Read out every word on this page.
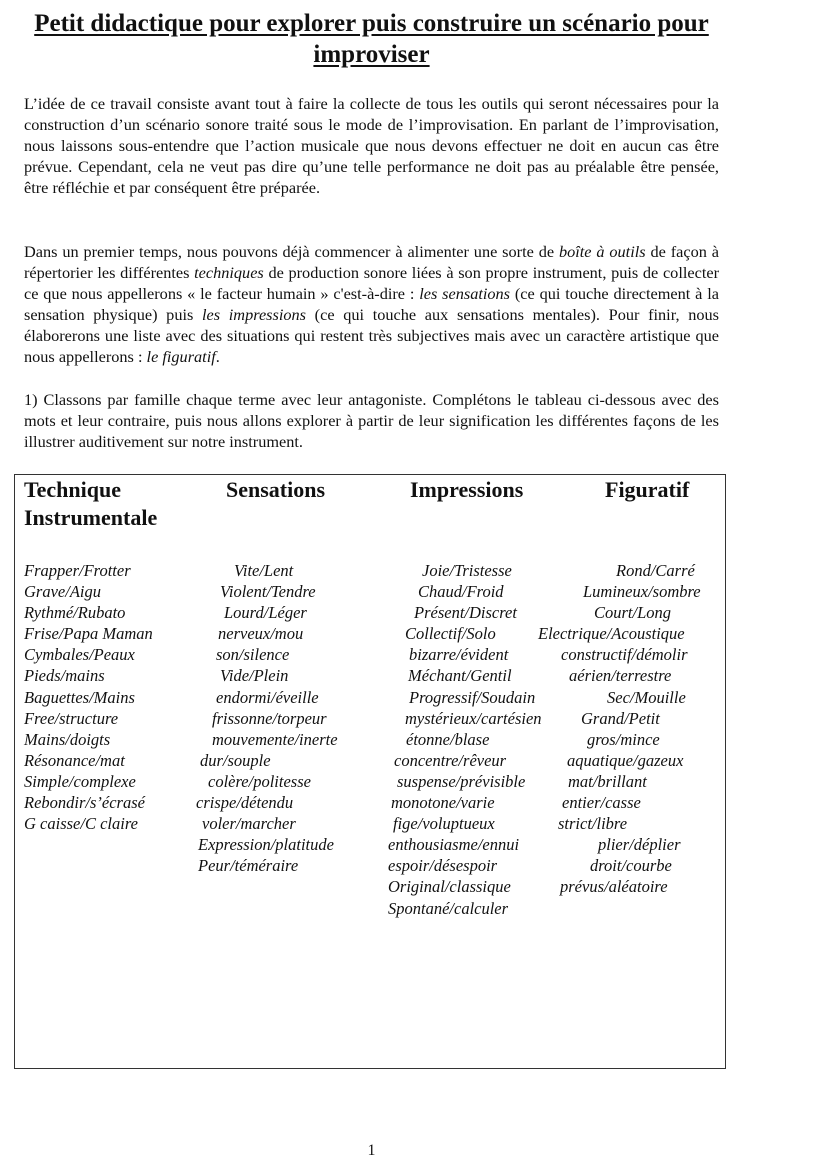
Petit didactique pour explorer puis construire un scénario pour improviser

L’idée de ce travail consiste avant tout à faire la collecte de tous les outils qui seront nécessaires pour la construction d’un scénario sonore traité sous le mode de l’improvisation. En parlant de l’improvisation, nous laissons sous-entendre que l’action musicale que nous devons effectuer ne doit en aucun cas être prévue. Cependant, cela ne veut pas dire qu’une telle performance ne doit pas au préalable être pensée, être réfléchie et par conséquent être préparée.

Dans un premier temps, nous pouvons déjà commencer à alimenter une sorte de boîte à outils de façon à répertorier les différentes techniques de production sonore liées à son propre instrument, puis de collecter ce que nous appellerons « le facteur humain » c'est-à-dire : les sensations (ce qui touche directement à la sensation physique) puis les impressions (ce qui touche aux sensations mentales). Pour finir, nous élaborerons une liste avec des situations qui restent très subjectives mais avec un caractère artistique que nous appellerons : le figuratif.

1) Classons par famille chaque terme avec leur antagoniste. Complétons le tableau ci-dessous avec des mots et leur contraire, puis nous allons explorer à partir de leur signification les différentes façons de les illustrer auditivement sur notre instrument.

Technique Instrumentale
Sensations	Impressions	Figuratif
Frapper/Frotter
Grave/Aigu
Rythmé/Rubato
Frise/Papa Maman
Cymbales/Peaux
Pieds/mains
Baguettes/Mains
Free/structure
Mains/doigts
Résonance/mat
Simple/complexe
Rebondir/s’écrasé
G caisse/C claire
Vite/Lent
Violent/Tendre
Lourd/Léger
nerveux/mou
son/silence
Vide/Plein
endormi/éveille
frissonne/torpeur
mouvemente/inerte
dur/souple
colère/politesse
crispe/détendu
voler/marcher
Expression/platitude
Peur/téméraire
Joie/Tristesse
Chaud/Froid
Présent/Discret
Collectif/Solo
bizarre/évident
Méchant/Gentil
Progressif/Soudain
mystérieux/cartésien
étonne/blase
concentre/rêveur
suspense/prévisible
monotone/varie
fige/voluptueux
enthousiasme/ennui
espoir/désespoir
Original/classique
Spontané/calculer
Rond/Carré
Lumineux/sombre
Court/Long
Electrique/Acoustique
constructif/démolir
aérien/terrestre
Sec/Mouille
Grand/Petit
gros/mince
aquatique/gazeux
mat/brillant
entier/casse
strict/libre
plier/déplier
droit/courbe
prévus/aléatoire
1
